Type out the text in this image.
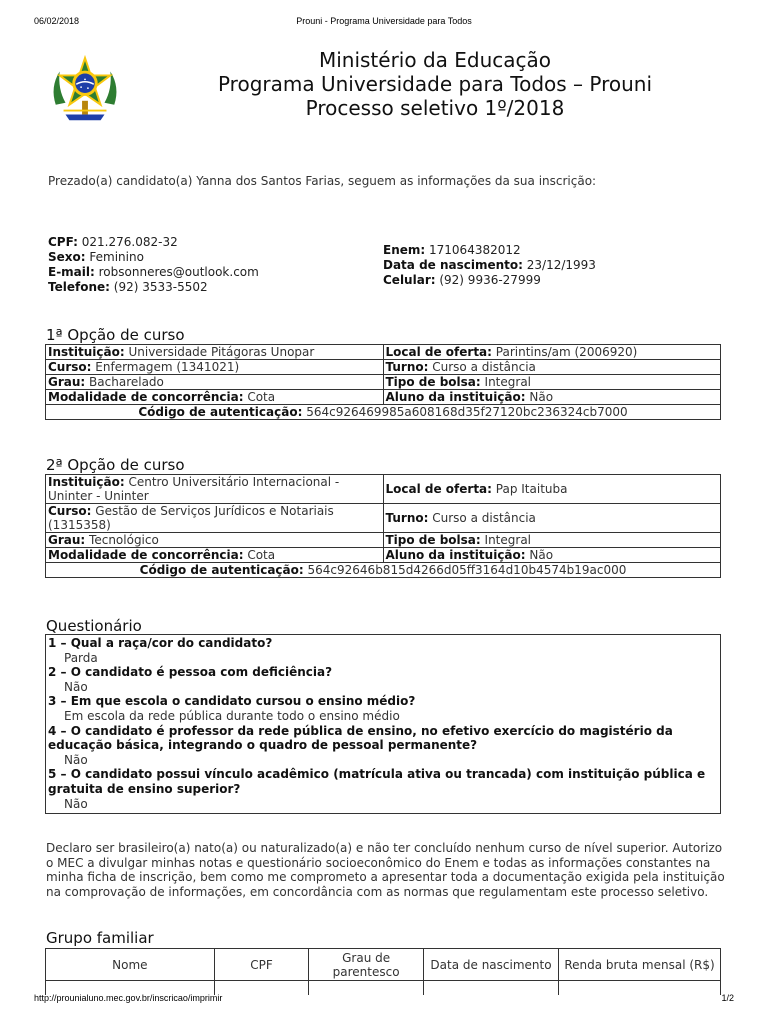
06/02/2018	Prouni - Programa Universidade para Todos
Ministério da Educação
Programa Universidade para Todos – Prouni
Processo seletivo 1º/2018
Prezado(a) candidato(a) Yanna dos Santos Farias, seguem as informações da sua inscrição:
CPF: 021.276.082-32
Sexo: Feminino
E-mail: robsonneres@outlook.com
Telefone: (92) 3533-5502
Enem: 171064382012
Data de nascimento: 23/12/1993
Celular: (92) 9936-27999
1ª Opção de curso
Instituição: Universidade Pitágoras Unopar	Local de oferta: Parintins/am (2006920)
Curso: Enfermagem (1341021)	Turno: Curso a distância
Grau: Bacharelado	Tipo de bolsa: Integral
Modalidade de concorrência: Cota	Aluno da instituição: Não
Código de autenticação: 564c926469985a608168d35f27120bc236324cb7000	
2ª Opção de curso
Instituição: Centro Universitário Internacional - Uninter - Uninter	Local de oferta: Pap Itaituba
Curso: Gestão de Serviços Jurídicos e Notariais (1315358)	Turno: Curso a distância
Grau: Tecnológico	Tipo de bolsa: Integral
Modalidade de concorrência: Cota	Aluno da instituição: Não
Código de autenticação: 564c92646b815d4266d05ff3164d10b4574b19ac000	
Questionário
1 – Qual a raça/cor do candidato?
Parda
2 – O candidato é pessoa com deficiência?
Não
3 – Em que escola o candidato cursou o ensino médio?
Em escola da rede pública durante todo o ensino médio
4 – O candidato é professor da rede pública de ensino, no efetivo exercício do magistério da educação básica, integrando o quadro de pessoal permanente?
Não
5 – O candidato possui vínculo acadêmico (matrícula ativa ou trancada) com instituição pública e gratuita de ensino superior?
Não
Declaro ser brasileiro(a) nato(a) ou naturalizado(a) e não ter concluído nenhum curso de nível superior. Autorizo o MEC a divulgar minhas notas e questionário socioeconômico do Enem e todas as informações constantes na minha ficha de inscrição, bem como me comprometo a apresentar toda a documentação exigida pela instituição na comprovação de informações, em concordância com as normas que regulamentam este processo seletivo.
Grupo familiar
Nome	CPF	Grau de parentesco	Data de nascimento	Renda bruta mensal (R$)

http://prounialuno.mec.gov.br/inscricao/imprimir	1/2
